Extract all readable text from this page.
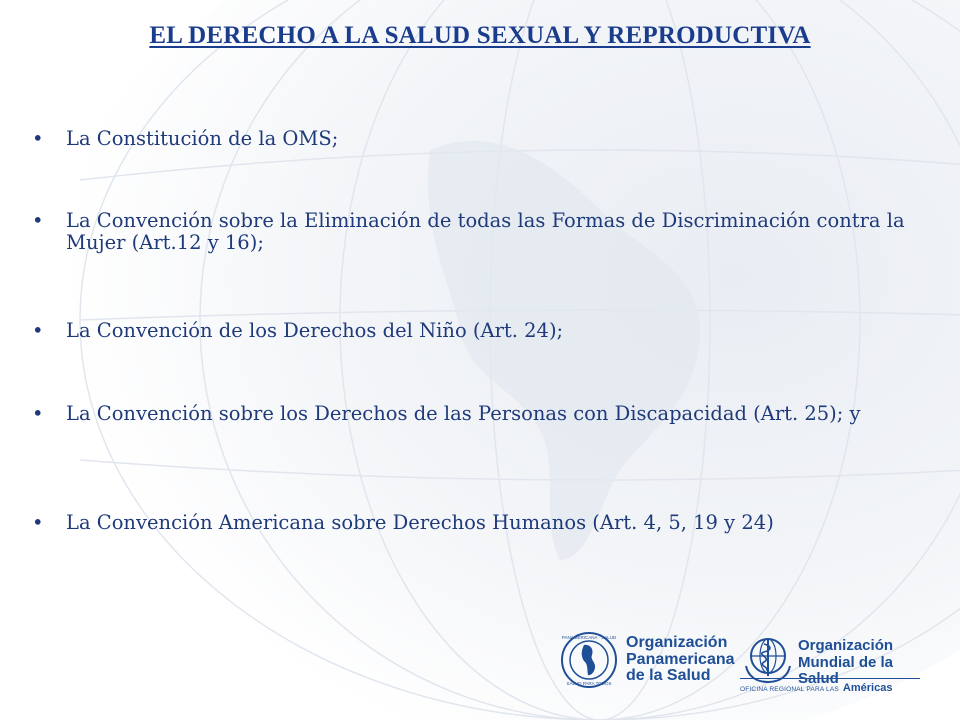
EL DERECHO A LA SALUD SEXUAL Y REPRODUCTIVA
•	La Constitución de la OMS;
•	La Convención sobre la Eliminación de todas las Formas de Discriminación contra la Mujer (Art.12 y 16);
•	La Convención de los Derechos del Niño (Art. 24);
•	La Convención sobre los Derechos de las Personas con Discapacidad (Art. 25); y
•	La Convención Americana sobre Derechos Humanos (Art. 4, 5, 19 y 24)
PANAMERICANA · SALUD
SALUD PARA TODOS
Organización
Panamericana
de la Salud
Organización
Mundial de la Salud
OFICINA REGIONAL PARA LAS Américas
